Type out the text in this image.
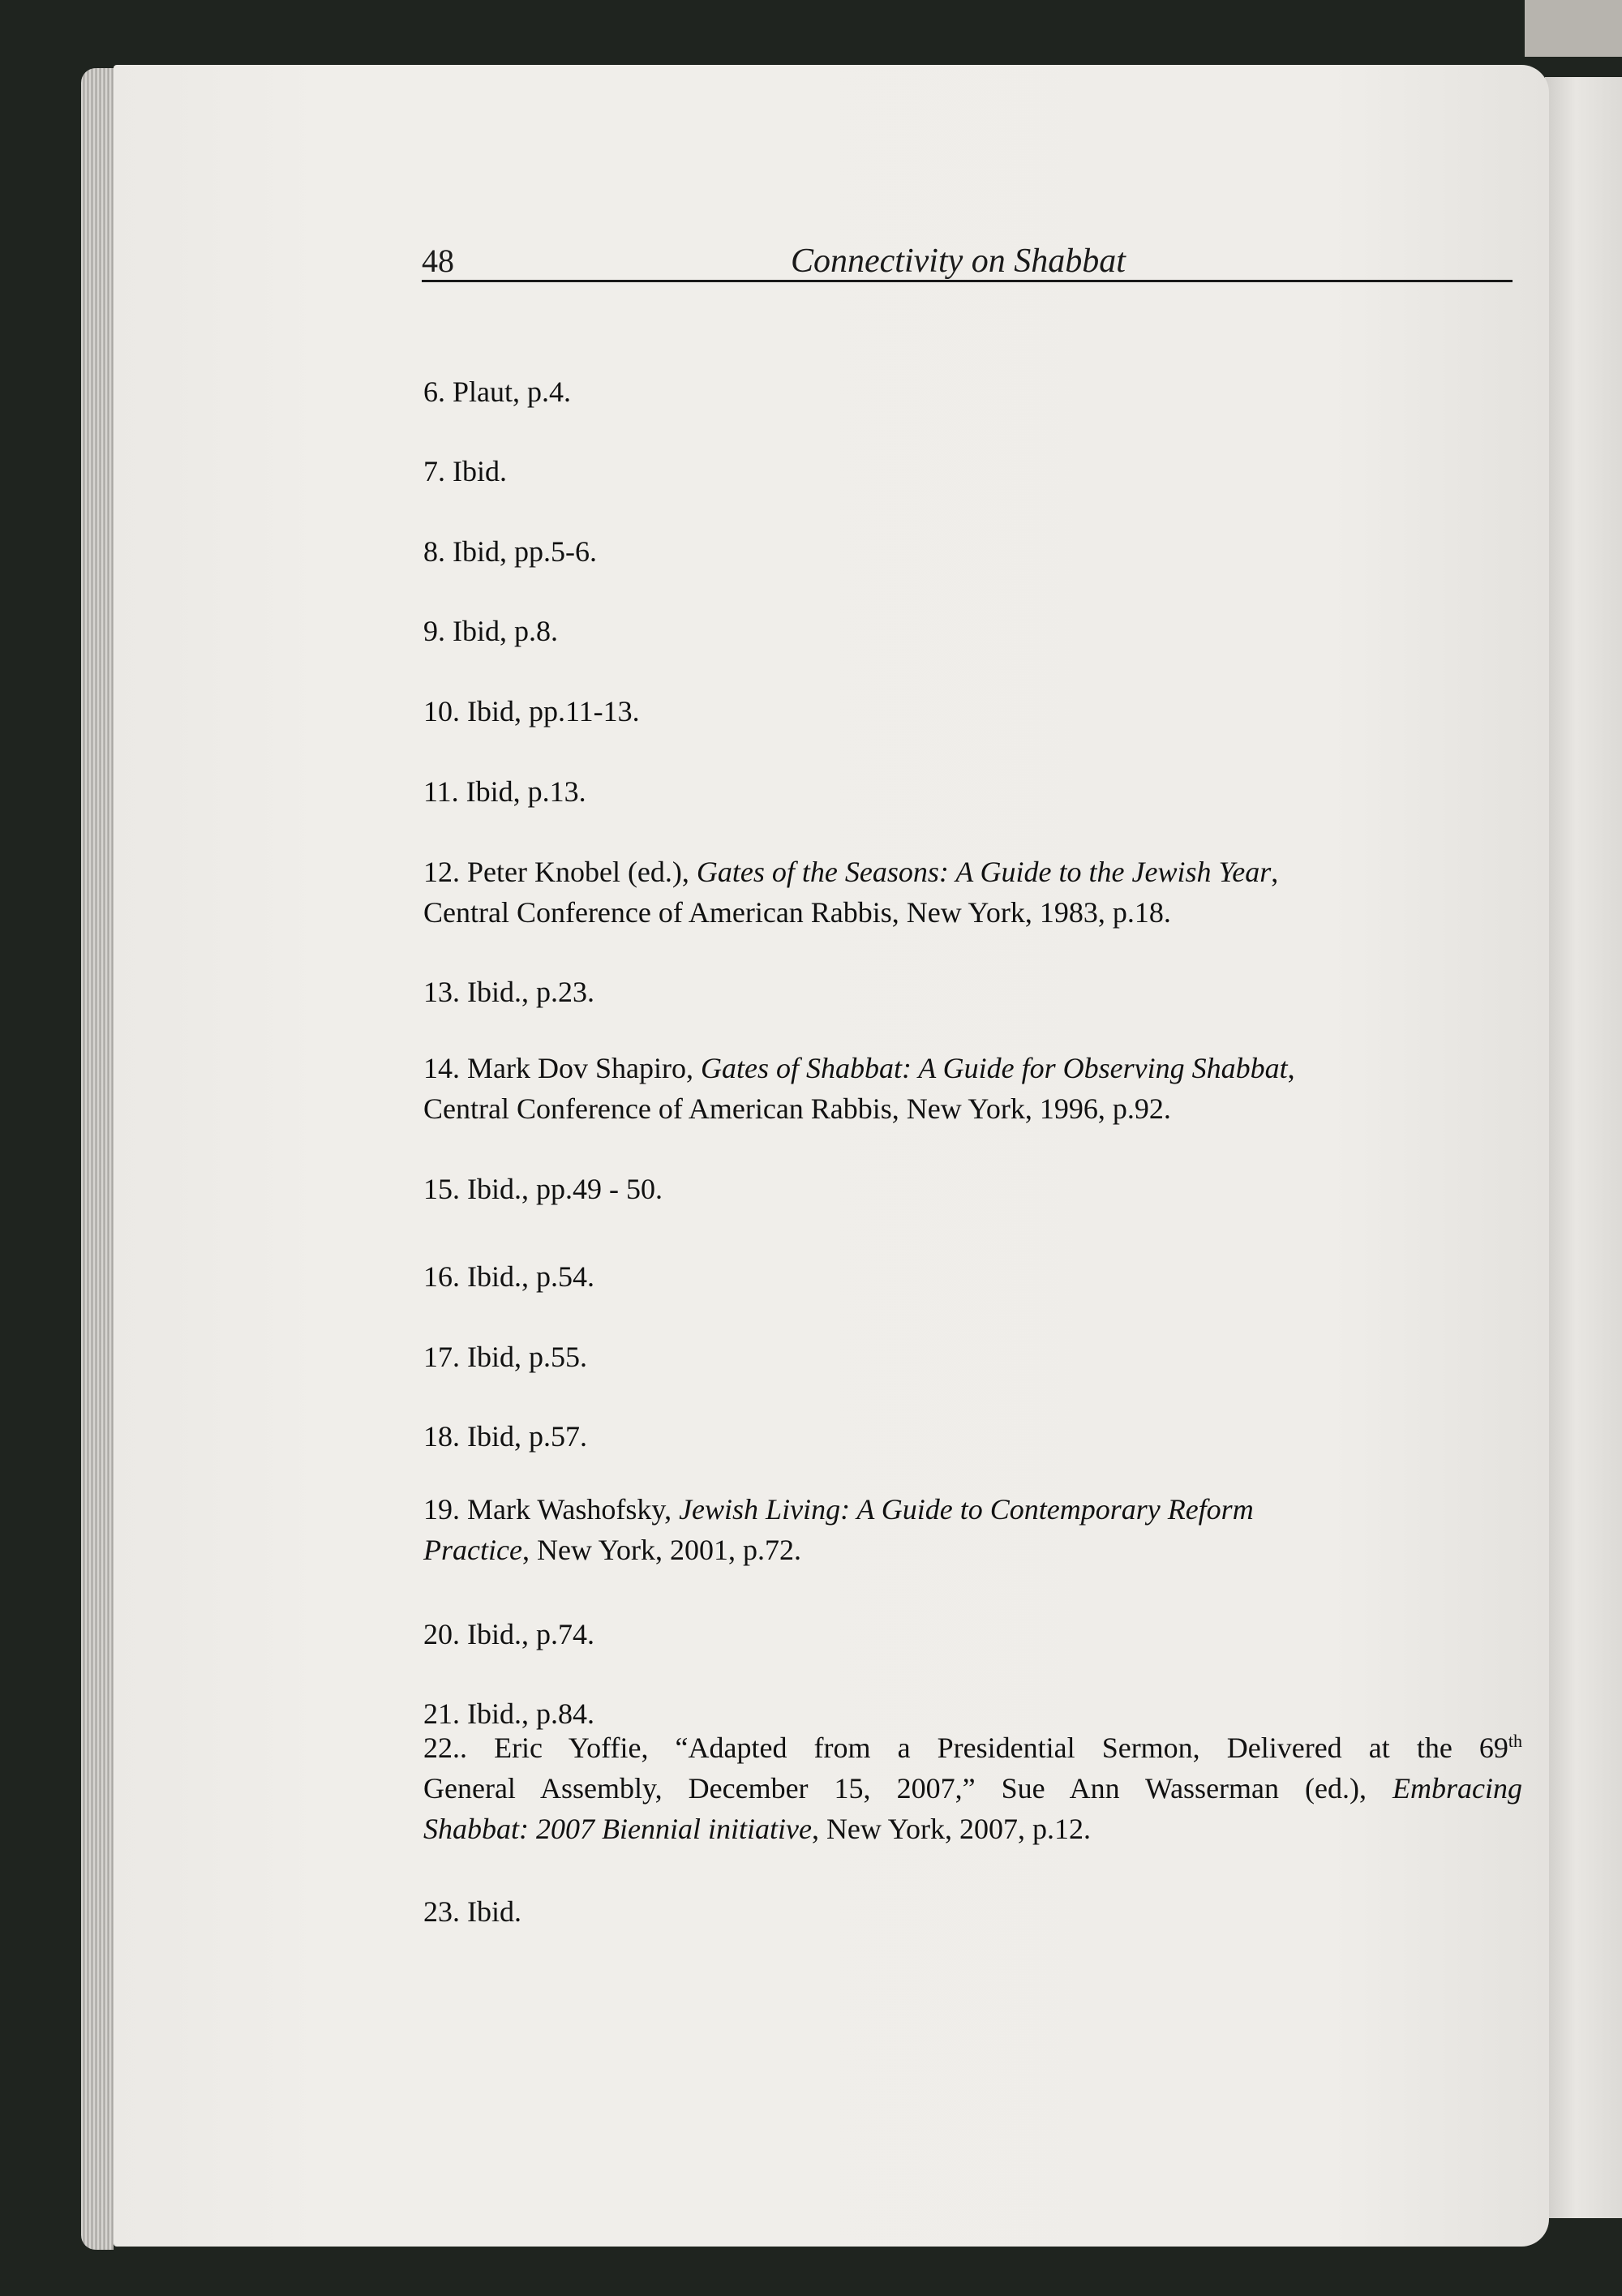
48	Connectivity on Shabbat
6. Plaut, p.4.
7. Ibid.
8. Ibid, pp.5-6.
9. Ibid, p.8.
10. Ibid, pp.11-13.
11. Ibid, p.13.
12. Peter Knobel (ed.), Gates of the Seasons: A Guide to the Jewish Year,
Central Conference of American Rabbis, New York, 1983, p.18.
13. Ibid., p.23.
14. Mark Dov Shapiro, Gates of Shabbat: A Guide for Observing Shabbat,
Central Conference of American Rabbis, New York, 1996, p.92.
15. Ibid., pp.49 - 50.
16. Ibid., p.54.
17. Ibid, p.55.
18. Ibid, p.57.
19. Mark Washofsky, Jewish Living: A Guide to Contemporary Reform
Practice, New York, 2001, p.72.
20. Ibid., p.74.
21. Ibid., p.84.
22.. Eric Yoffie, “Adapted from a Presidential Sermon, Delivered at the 69th
General Assembly, December 15, 2007,” Sue Ann Wasserman (ed.), Embracing
Shabbat: 2007 Biennial initiative, New York, 2007, p.12.
23. Ibid.
